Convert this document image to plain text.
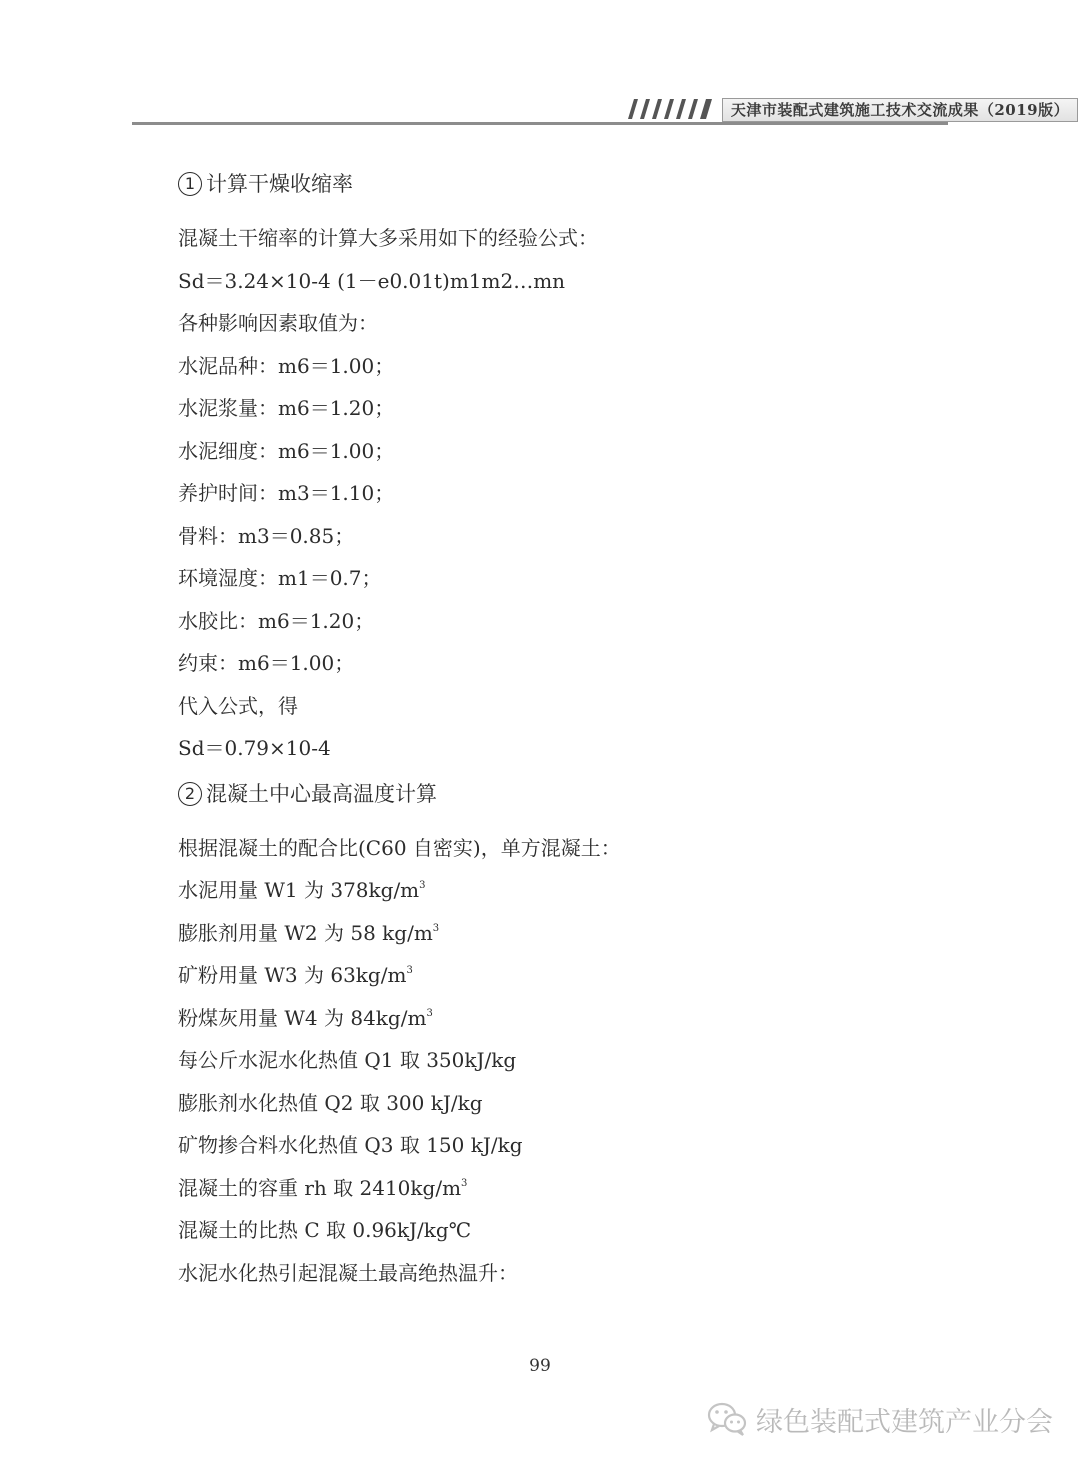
天津市装配式建筑施工技术交流成果（2019版）
1 计算干燥收缩率
混凝土干缩率的计算大多采用如下的经验公式：
Sd＝3.24×10-4 (1－e0.01t)m1m2…mn
各种影响因素取值为：
水泥品种：m6＝1.00；
水泥浆量：m6＝1.20；
水泥细度：m6＝1.00；
养护时间：m3＝1.10；
骨料：m3＝0.85；
环境湿度：m1＝0.7；
水胶比：m6＝1.20；
约束：m6＝1.00；
代入公式，得
Sd＝0.79×10-4
2 混凝土中心最高温度计算
根据混凝土的配合比(C60 自密实)，单方混凝土：
水泥用量 W1 为 $378kg/m^3$
膨胀剂用量 W2 为 58 $kg/m^3$
矿粉用量 W3 为 $63kg/m^3$
粉煤灰用量 W4 为 $84kg/m^3$
每公斤水泥水化热值 Q1 取 350kJ/kg
膨胀剂水化热值 Q2 取 300 kJ/kg
矿物掺合料水化热值 Q3 取 150 kJ/kg
混凝土的容重 rh 取 $2410kg/m^3$
混凝土的比热 C 取 0.96kJ/kg℃
水泥水化热引起混凝土最高绝热温升：
99
绿色装配式建筑产业分会
